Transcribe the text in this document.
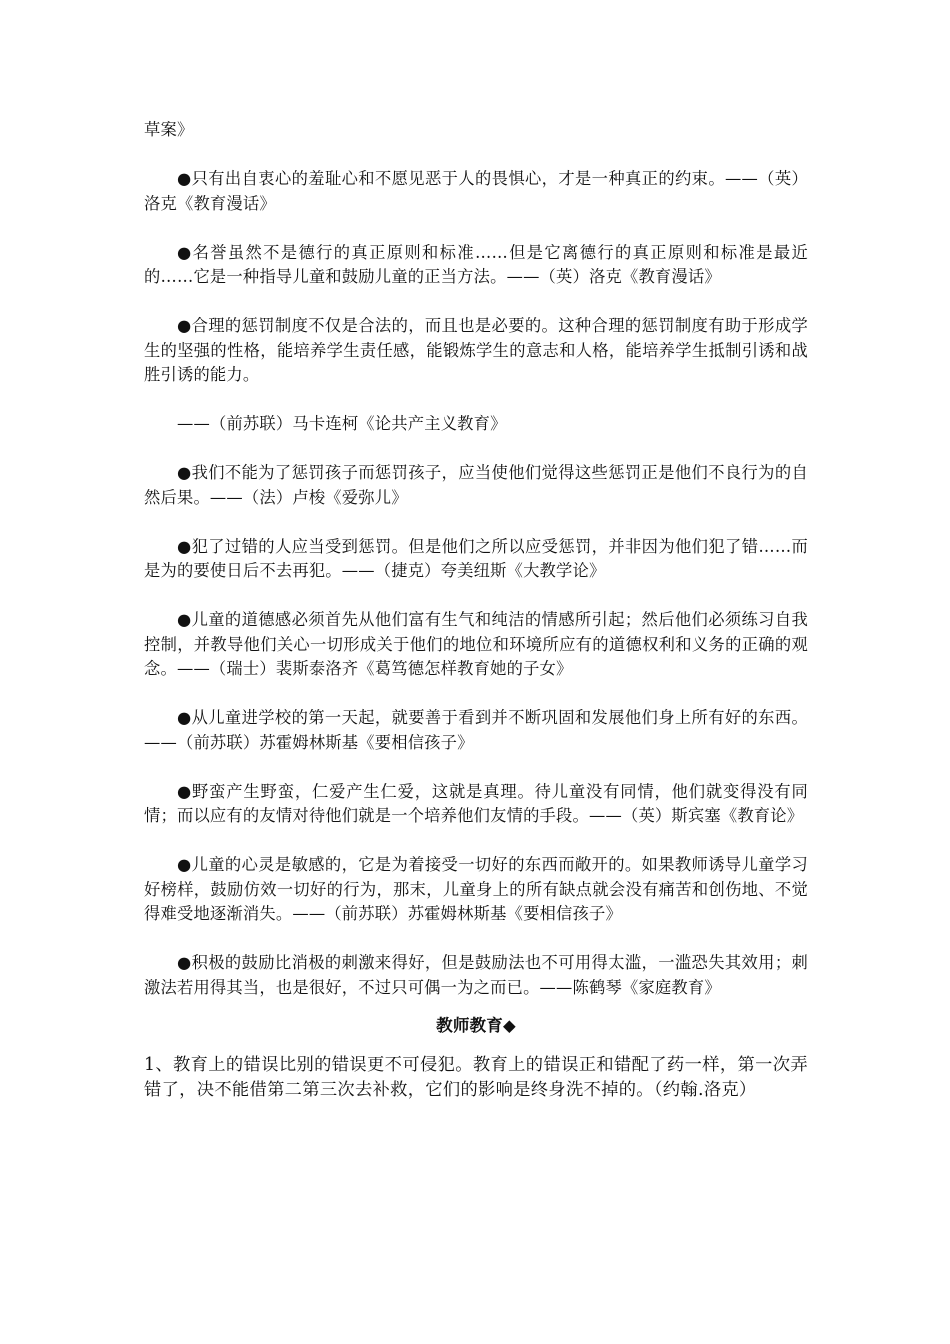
草案》

●只有出自衷心的羞耻心和不愿见恶于人的畏惧心，才是一种真正的约束。——（英）洛克《教育漫话》

●名誉虽然不是德行的真正原则和标准……但是它离德行的真正原则和标准是最近的……它是一种指导儿童和鼓励儿童的正当方法。——（英）洛克《教育漫话》

●合理的惩罚制度不仅是合法的，而且也是必要的。这种合理的惩罚制度有助于形成学生的坚强的性格，能培养学生责任感，能锻炼学生的意志和人格，能培养学生抵制引诱和战胜引诱的能力。

——（前苏联）马卡连柯《论共产主义教育》

●我们不能为了惩罚孩子而惩罚孩子，应当使他们觉得这些惩罚正是他们不良行为的自然后果。——（法）卢梭《爱弥儿》

●犯了过错的人应当受到惩罚。但是他们之所以应受惩罚，并非因为他们犯了错……而是为的要使日后不去再犯。——（捷克）夸美纽斯《大教学论》

●儿童的道德感必须首先从他们富有生气和纯洁的情感所引起；然后他们必须练习自我控制，并教导他们关心一切形成关于他们的地位和环境所应有的道德权利和义务的正确的观念。——（瑞士）裴斯泰洛齐《葛笃德怎样教育她的子女》

●从儿童进学校的第一天起，就要善于看到并不断巩固和发展他们身上所有好的东西。——（前苏联）苏霍姆林斯基《要相信孩子》

●野蛮产生野蛮，仁爱产生仁爱，这就是真理。待儿童没有同情，他们就变得没有同情；而以应有的友情对待他们就是一个培养他们友情的手段。——（英）斯宾塞《教育论》

●儿童的心灵是敏感的，它是为着接受一切好的东西而敞开的。如果教师诱导儿童学习好榜样，鼓励仿效一切好的行为，那末，儿童身上的所有缺点就会没有痛苦和创伤地、不觉得难受地逐渐消失。——（前苏联）苏霍姆林斯基《要相信孩子》

●积极的鼓励比消极的刺激来得好，但是鼓励法也不可用得太滥，一滥恐失其效用；刺激法若用得其当，也是很好，不过只可偶一为之而已。——陈鹤琴《家庭教育》

教师教育◆

1、教育上的错误比别的错误更不可侵犯。教育上的错误正和错配了药一样，第一次弄错了，决不能借第二第三次去补救，它们的影响是终身洗不掉的。（约翰.洛克）
